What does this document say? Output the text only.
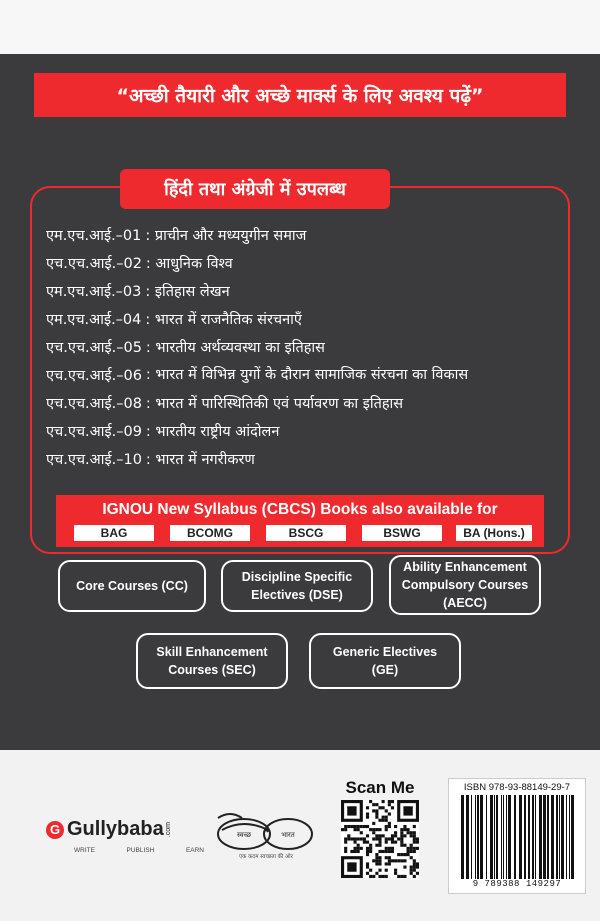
“अच्छी तैयारी और अच्छे मार्क्स के लिए अवश्य पढ़ें”
हिंदी तथा अंग्रेजी में उपलब्ध
एम.एच.आई.–01 : प्राचीन और मध्ययुगीन समाज
एच.एच.आई.–02 : आधुनिक विश्व
एम.एच.आई.–03 : इतिहास लेखन
एम.एच.आई.–04 : भारत में राजनैतिक संरचनाएँ
एच.एच.आई.–05 : भारतीय अर्थव्यवस्था का इतिहास
एच.एच.आई.–06 : भारत में विभिन्न युगों के दौरान सामाजिक संरचना का विकास
एच.एच.आई.–08 : भारत में पारिस्थितिकी एवं पर्यावरण का इतिहास
एच.एच.आई.–09 : भारतीय राष्ट्रीय आंदोलन
एच.एच.आई.–10 : भारत में नगरीकरण
IGNOU New Syllabus (CBCS) Books also available for
BAG	BCOMG	BSCG	BSWG	BA (Hons.)
Core Courses (CC)
Discipline Specific Electives (DSE)
Ability Enhancement Compulsory Courses (AECC)
Skill Enhancement Courses (SEC)
Generic Electives (GE)
G Gullybaba .com
WRITE	PUBLISH	EARN
स्वच्छ	भारत
एक कदम स्वच्छता की ओर
Scan Me	ISBN 978-93-88149-29-7
9 789388 149297
